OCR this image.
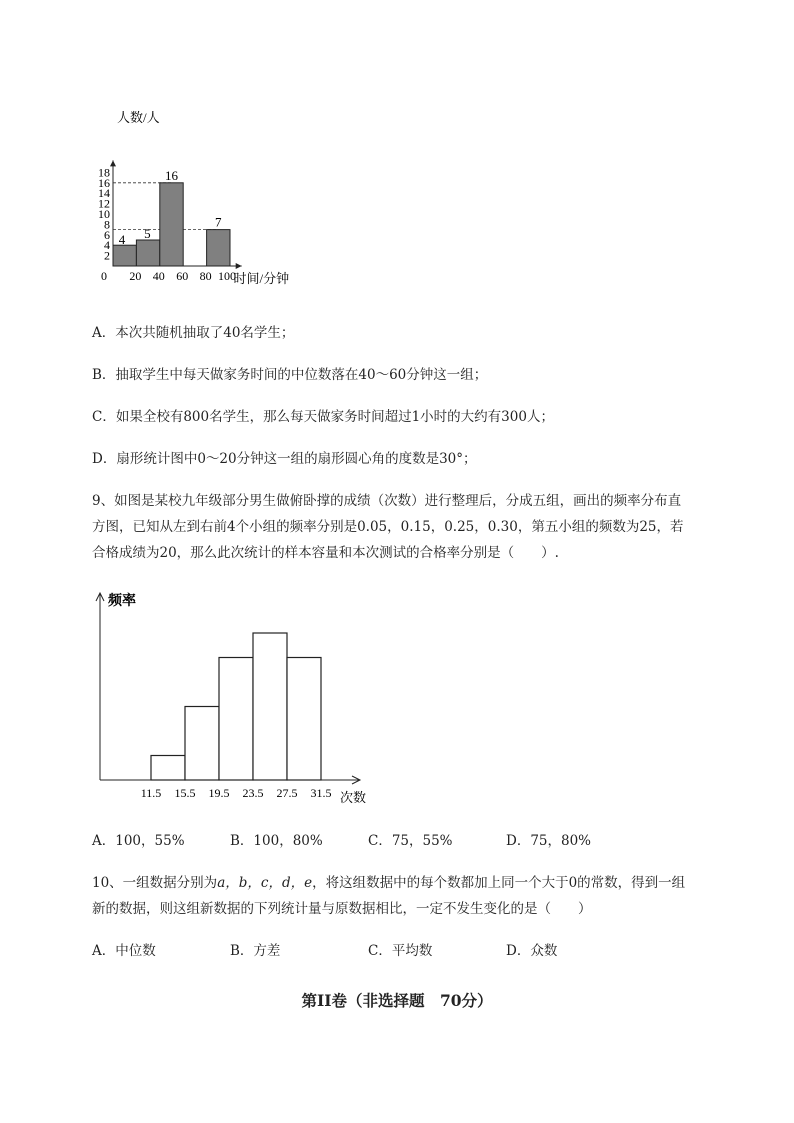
2
4
6
8
10
12
14
16
18
0
人数/人
4 5
16
7
20 40 60 80 100
时间/分钟
A．本次共随机抽取了40名学生；
B．抽取学生中每天做家务时间的中位数落在40～60分钟这一组；
C．如果全校有800名学生，那么每天做家务时间超过1小时的大约有300人；
D．扇形统计图中0～20分钟这一组的扇形圆心角的度数是30°；
9、如图是某校九年级部分男生做俯卧撑的成绩（次数）进行整理后，分成五组，画出的频率分布直
方图，已知从左到右前4个小组的频率分别是0.05，0.15，0.25，0.30，第五小组的频数为25，若
合格成绩为20，那么此次统计的样本容量和本次测试的合格率分别是（　　）.
频率
11.5 15.5 19.5 23.5 27.5 31.5 次数
A．100，55%	B．100，80%	C．75，55%	D．75，80%
10、一组数据分别为a，b，c，d，e，将这组数据中的每个数都加上同一个大于0的常数，得到一组
新的数据，则这组新数据的下列统计量与原数据相比，一定不发生变化的是（　　）
A．中位数	B．方差	C．平均数	D．众数
第II卷（非选择题　70分）
